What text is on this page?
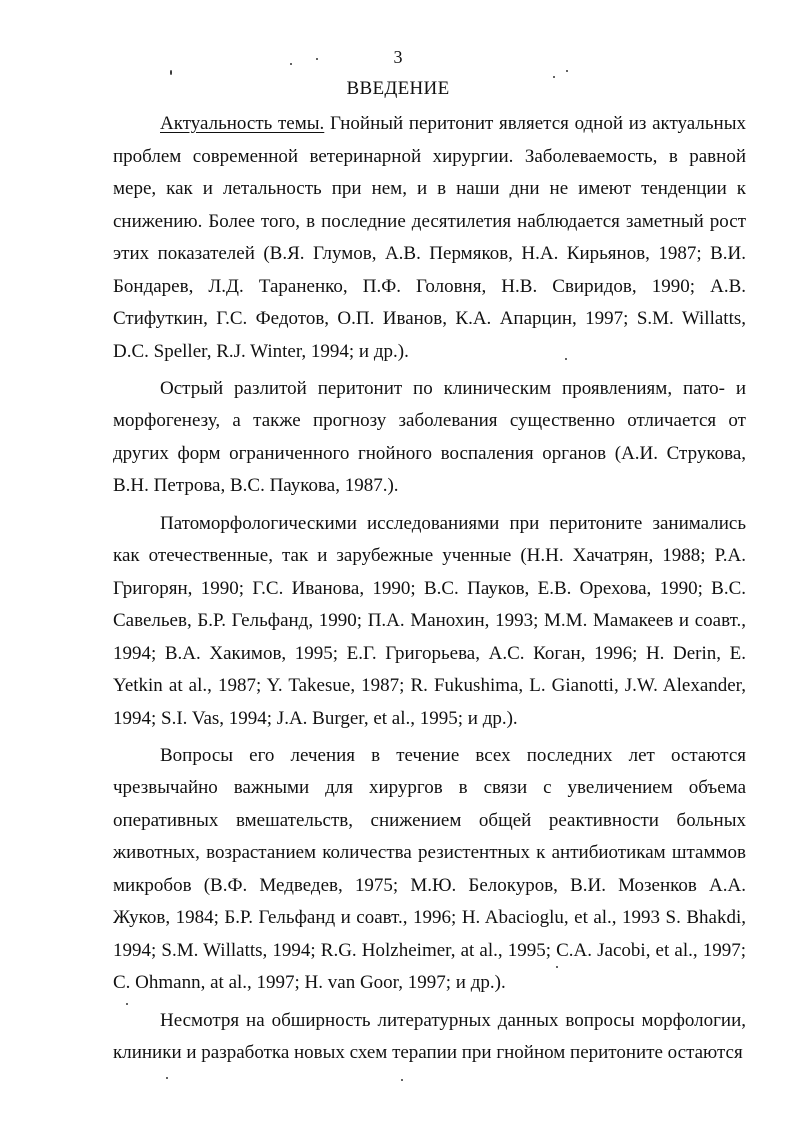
3
ВВЕДЕНИЕ

Актуальность темы. Гнойный перитонит является одной из актуальных проблем современной ветеринарной хирургии. Заболеваемость, в равной мере, как и летальность при нем, и в наши дни не имеют тенденции к снижению. Более того, в последние десятилетия наблюдается заметный рост этих показателей (В.Я. Глумов, А.В. Пермяков, Н.А. Кирьянов, 1987; В.И. Бондарев, Л.Д. Тараненко, П.Ф. Головня, Н.В. Свиридов, 1990; А.В. Стифуткин, Г.С. Федотов, О.П. Иванов, К.А. Апарцин, 1997; S.M. Willatts, D.C. Speller, R.J. Winter, 1994; и др.).

Острый разлитой перитонит по клиническим проявлениям, пато- и морфогенезу, а также прогнозу заболевания существенно отличается от других форм ограниченного гнойного воспаления органов (А.И. Струкова, В.Н. Петрова, В.С. Паукова, 1987.).

Патоморфологическими исследованиями при перитоните занимались как отечественные, так и зарубежные ученные (Н.Н. Хачатрян, 1988; Р.А. Григорян, 1990; Г.С. Иванова, 1990; В.С. Пауков, Е.В. Орехова, 1990; В.С. Савельев, Б.Р. Гельфанд, 1990; П.А. Манохин, 1993; М.М. Мамакеев и соавт., 1994; В.А. Хакимов, 1995; Е.Г. Григорьева, А.С. Коган, 1996; H. Derin, E. Yetkin at al., 1987; Y. Takesue, 1987; R. Fukushima, L. Gianotti, J.W. Alexander, 1994; S.I. Vas, 1994; J.A. Burger, et al., 1995; и др.).

Вопросы его лечения в течение всех последних лет остаются чрезвычайно важными для хирургов в связи с увеличением объема оперативных вмешательств, снижением общей реактивности больных животных, возрастанием количества резистентных к антибиотикам штаммов микробов (В.Ф. Медведев, 1975; М.Ю. Белокуров, В.И. Мозенков А.А. Жуков, 1984; Б.Р. Гельфанд и соавт., 1996; H. Abacioglu, et al., 1993 S. Bhakdi, 1994; S.M. Willatts, 1994; R.G. Holzheimer, at al., 1995; C.A. Jacobi, et al., 1997; C. Ohmann, at al., 1997; H. van Goor, 1997; и др.).

Несмотря на обширность литературных данных вопросы морфологии, клиники и разработка новых схем терапии при гнойном перитоните остаются
